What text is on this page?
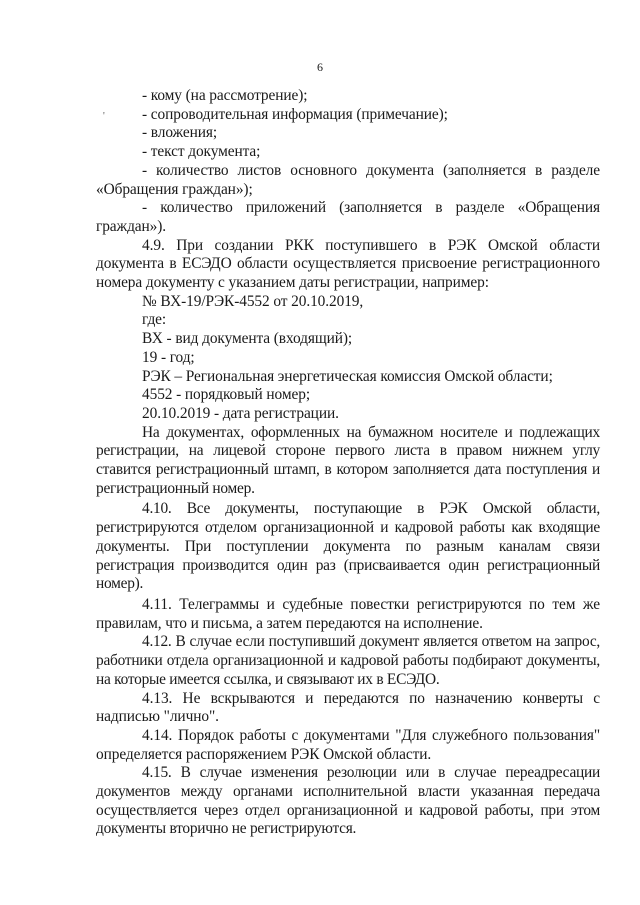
6
'

- кому (на рассмотрение);

- сопроводительная информация (примечание);

- вложения;

- текст документа;

- количество листов основного документа (заполняется в разделе «Обращения граждан»);

- количество приложений (заполняется в разделе «Обращения граждан»).

4.9. При создании РКК поступившего в РЭК Омской области документа в ЕСЭДО области осуществляется присвоение регистрационного номера документу с указанием даты регистрации, например:

№ ВХ-19/РЭК-4552 от 20.10.2019,

где:

ВХ - вид документа (входящий);

19 - год;

РЭК – Региональная энергетическая комиссия Омской области;

4552 - порядковый номер;

20.10.2019 - дата регистрации.

На документах, оформленных на бумажном носителе и подлежащих регистрации, на лицевой стороне первого листа в правом нижнем углу ставится регистрационный штамп, в котором заполняется дата поступления и регистрационный номер.

4.10. Все документы, поступающие в РЭК Омской области, регистрируются отделом организационной и кадровой работы как входящие документы. При поступлении документа по разным каналам связи регистрация производится один раз (присваивается один регистрационный номер).

4.11. Телеграммы и судебные повестки регистрируются по тем же правилам, что и письма, а затем передаются на исполнение.

4.12. В случае если поступивший документ является ответом на запрос, работники отдела организационной и кадровой работы подбирают документы, на которые имеется ссылка, и связывают их в ЕСЭДО.

4.13. Не вскрываются и передаются по назначению конверты с надписью "лично".

4.14. Порядок работы с документами "Для служебного пользования" определяется распоряжением РЭК Омской области.

4.15. В случае изменения резолюции или в случае переадресации документов между органами исполнительной власти указанная передача осуществляется через отдел организационной и кадровой работы, при этом документы вторично не регистрируются.
